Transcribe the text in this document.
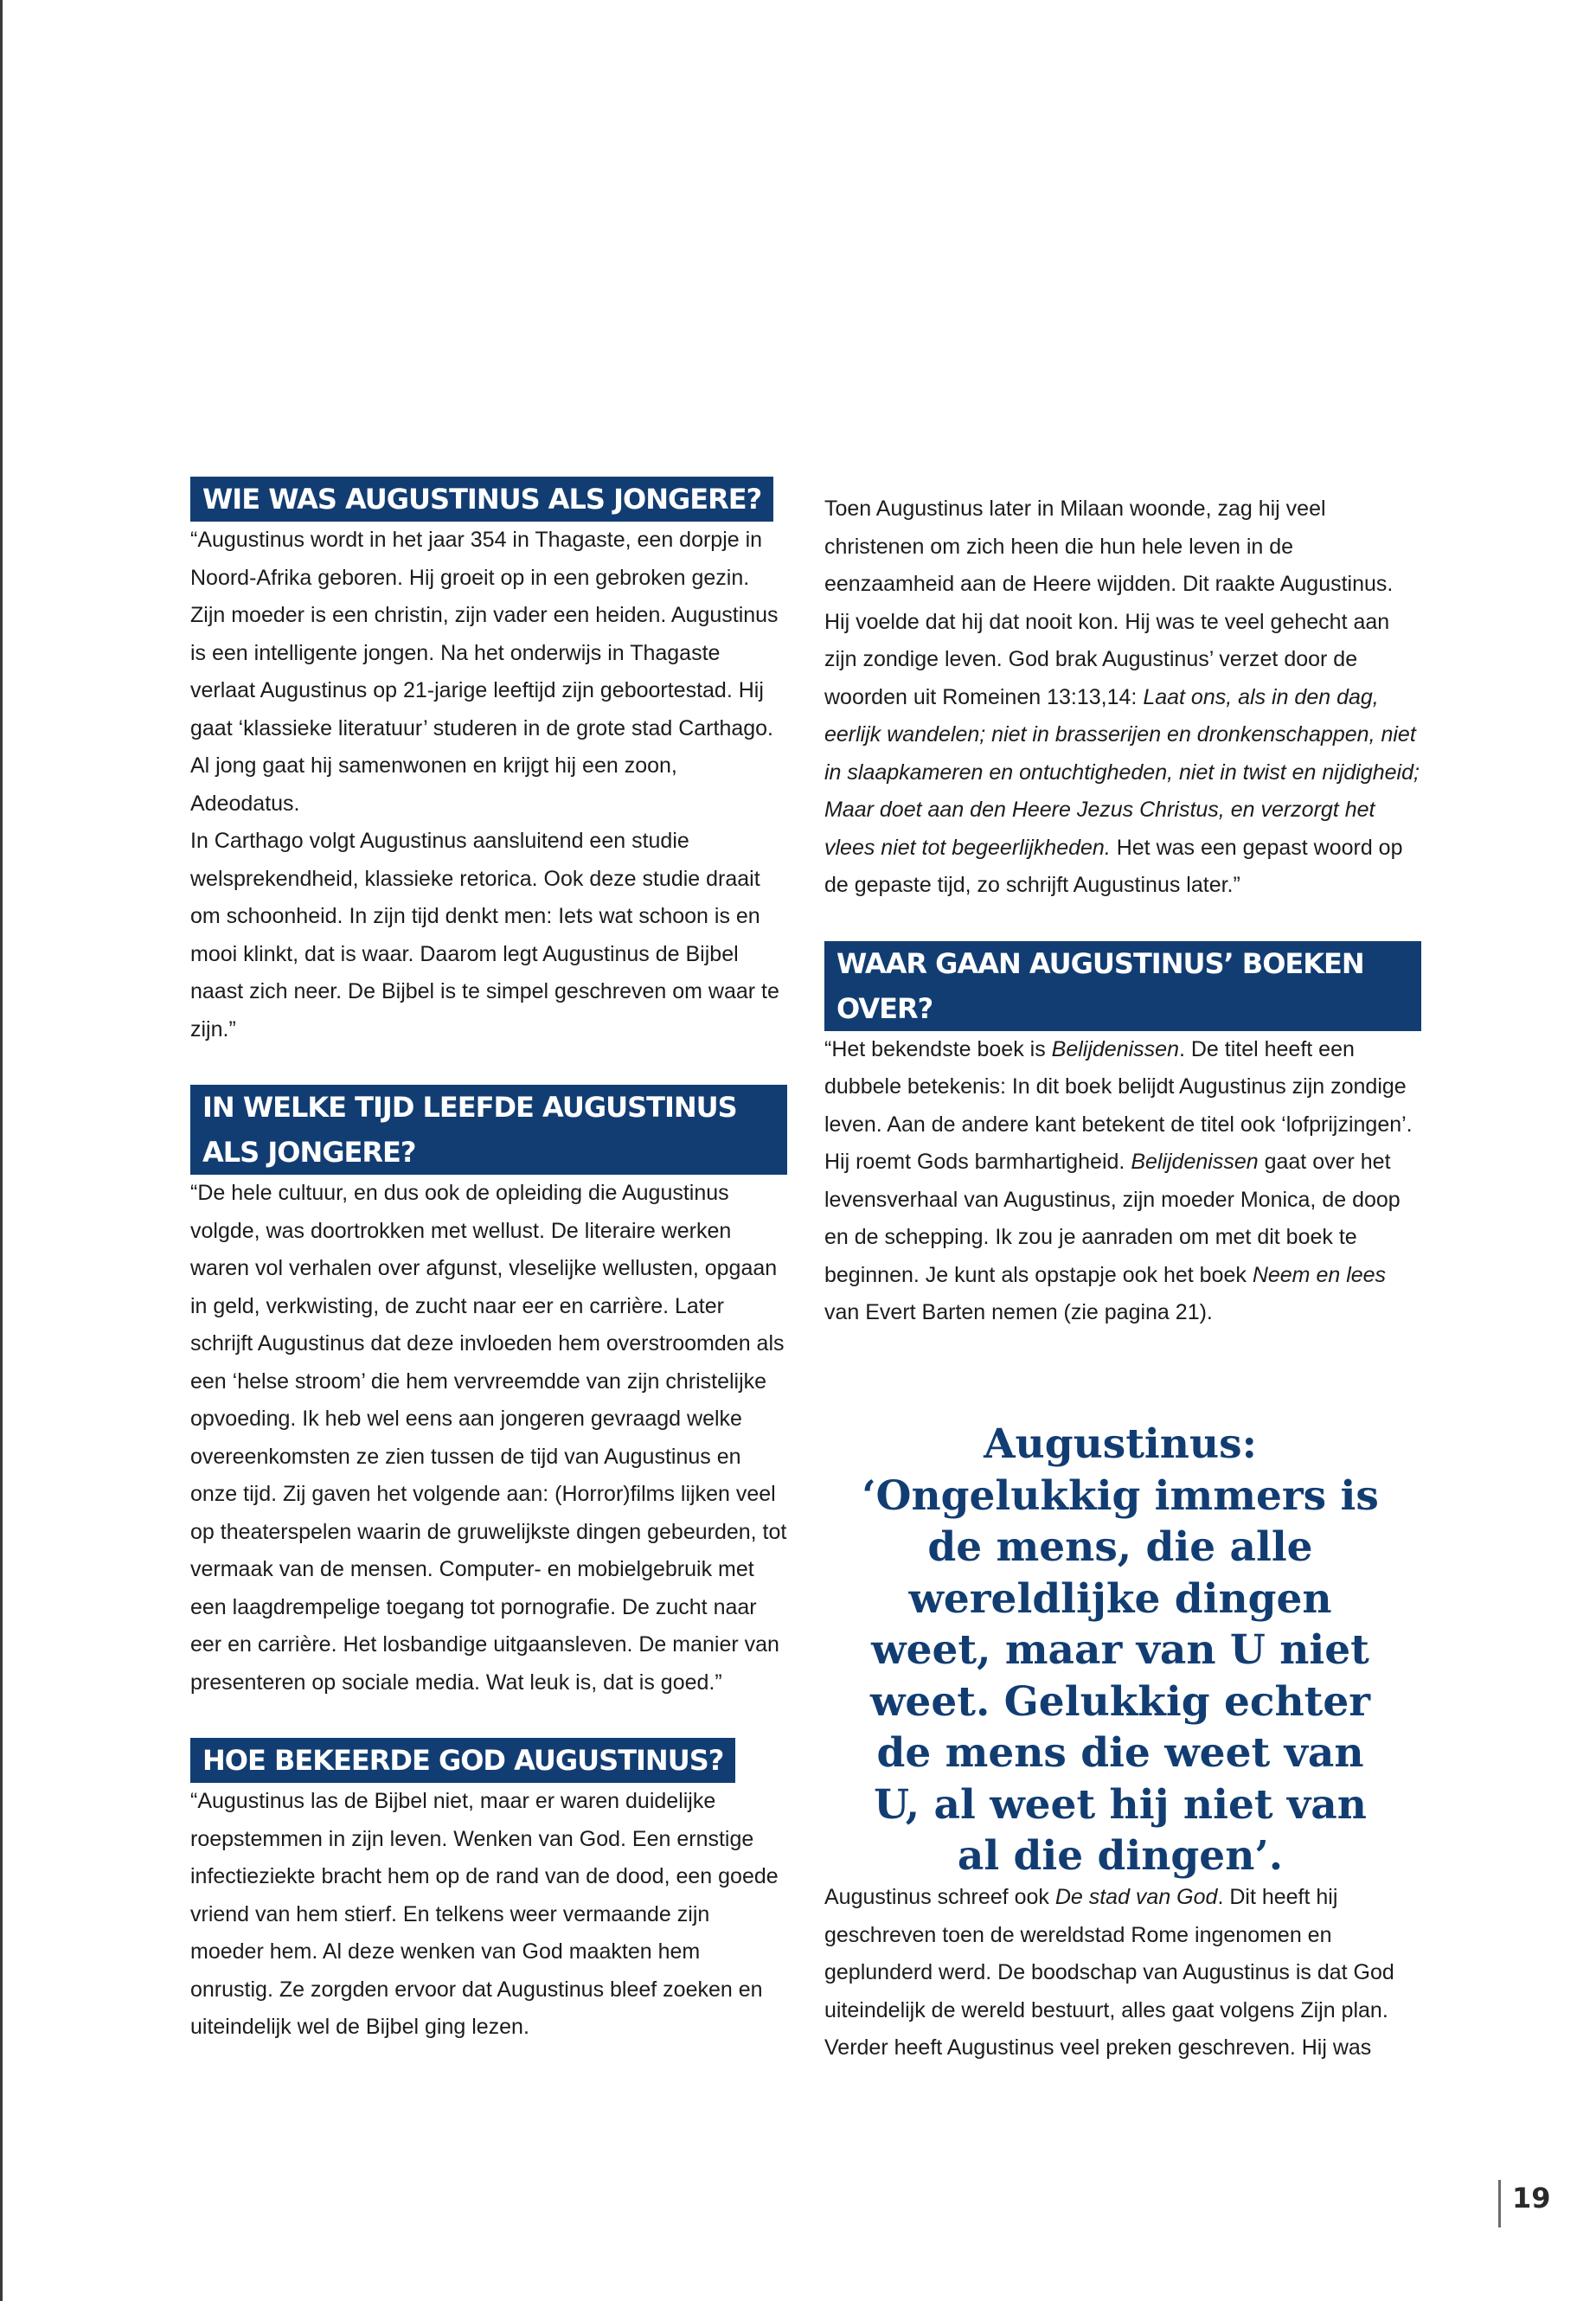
WIE WAS AUGUSTINUS ALS JONGERE?

“Augustinus wordt in het jaar 354 in Thagaste, een dorpje in Noord-Afrika geboren. Hij groeit op in een gebroken gezin. Zijn moeder is een christin, zijn vader een heiden. Augustinus is een intelligente jongen. Na het onderwijs in Thagaste verlaat Augustinus op 21-jarige leeftijd zijn geboortestad. Hij gaat ‘klassieke literatuur’ studeren in de grote stad Carthago. Al jong gaat hij samenwonen en krijgt hij een zoon, Adeodatus.

In Carthago volgt Augustinus aansluitend een studie welsprekendheid, klassieke retorica. Ook deze studie draait om schoonheid. In zijn tijd denkt men: Iets wat schoon is en mooi klinkt, dat is waar. Daarom legt Augustinus de Bijbel naast zich neer. De Bijbel is te simpel geschreven om waar te zijn.”

IN WELKE TIJD LEEFDE AUGUSTINUS ALS JONGERE?

“De hele cultuur, en dus ook de opleiding die Augustinus volgde, was doortrokken met wellust. De literaire werken waren vol verhalen over afgunst, vleselijke wellusten, opgaan in geld, verkwisting, de zucht naar eer en carrière. Later schrijft Augustinus dat deze invloeden hem overstroomden als een ‘helse stroom’ die hem vervreemdde van zijn christelijke opvoeding. Ik heb wel eens aan jongeren gevraagd welke overeenkomsten ze zien tussen de tijd van Augustinus en onze tijd. Zij gaven het volgende aan: (Horror)films lijken veel op theaterspelen waarin de gruwelijkste dingen gebeurden, tot vermaak van de mensen. Computer- en mobielgebruik met een laagdrempelige toegang tot pornografie. De zucht naar eer en carrière. Het losbandige uitgaansleven. De manier van presenteren op sociale media. Wat leuk is, dat is goed.”

HOE BEKEERDE GOD AUGUSTINUS?

“Augustinus las de Bijbel niet, maar er waren duidelijke roepstemmen in zijn leven. Wenken van God. Een ernstige infectieziekte bracht hem op de rand van de dood, een goede vriend van hem stierf. En telkens weer vermaande zijn moeder hem. Al deze wenken van God maakten hem onrustig. Ze zorgden ervoor dat Augustinus bleef zoeken en uiteindelijk wel de Bijbel ging lezen.

Toen Augustinus later in Milaan woonde, zag hij veel christenen om zich heen die hun hele leven in de eenzaamheid aan de Heere wijdden. Dit raakte Augustinus. Hij voelde dat hij dat nooit kon. Hij was te veel gehecht aan zijn zondige leven. God brak Augustinus’ verzet door de woorden uit Romeinen 13:13,14: Laat ons, als in den dag, eerlijk wandelen; niet in brasserijen en dronkenschappen, niet in slaapkameren en ontuchtigheden, niet in twist en nijdigheid; Maar doet aan den Heere Jezus Christus, en verzorgt het vlees niet tot begeerlijkheden. Het was een gepast woord op de gepaste tijd, zo schrijft Augustinus later.”

WAAR GAAN AUGUSTINUS’ BOEKEN OVER?

“Het bekendste boek is Belijdenissen. De titel heeft een dubbele betekenis: In dit boek belijdt Augustinus zijn zondige leven. Aan de andere kant betekent de titel ook ‘lofprijzingen’. Hij roemt Gods barmhartigheid. Belijdenissen gaat over het levensverhaal van Augustinus, zijn moeder Monica, de doop en de schepping. Ik zou je aanraden om met dit boek te beginnen. Je kunt als opstapje ook het boek Neem en lees van Evert Barten nemen (zie pagina 21).

Augustinus: ‘Ongelukkig immers is de mens, die alle wereldlijke dingen weet, maar van U niet weet. Gelukkig echter de mens die weet van U, al weet hij niet van al die dingen’.

Augustinus schreef ook De stad van God. Dit heeft hij geschreven toen de wereldstad Rome ingenomen en geplunderd werd. De boodschap van Augustinus is dat God uiteindelijk de wereld bestuurt, alles gaat volgens Zijn plan.

Verder heeft Augustinus veel preken geschreven. Hij was

19
